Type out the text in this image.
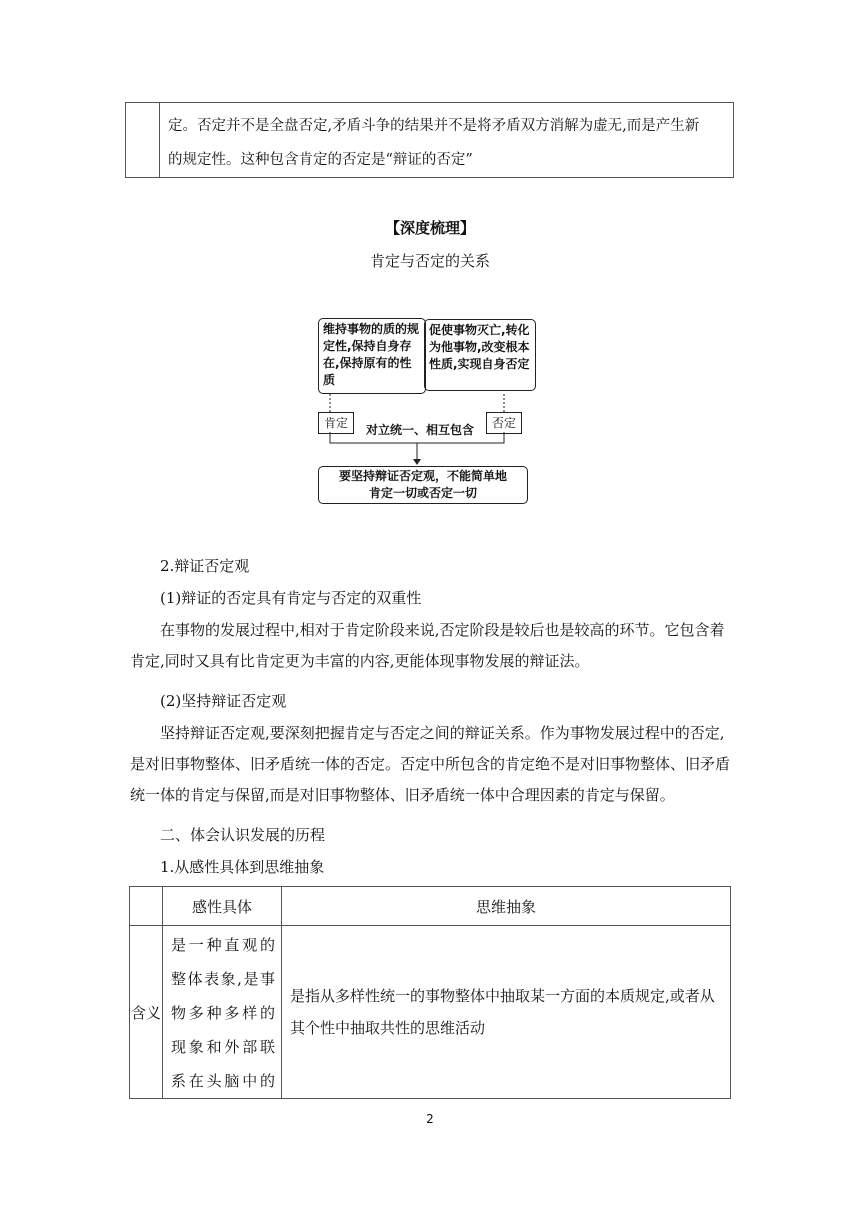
定。否定并不是全盘否定,矛盾斗争的结果并不是将矛盾双方消解为虚无,而是产生新
的规定性。这种包含肯定的否定是“辩证的否定”
【深度梳理】
肯定与否定的关系
维持事物的质的规定性,保持自身存在,保持原有的性质
促使事物灭亡,转化为他事物,改变根本性质,实现自身否定
肯定	否定
对立统一、相互包含
要坚持辩证否定观，不能简单地肯定一切或否定一切
2.辩证否定观
(1)辩证的否定具有肯定与否定的双重性
在事物的发展过程中,相对于肯定阶段来说,否定阶段是较后也是较高的环节。它包含着肯定,同时又具有比肯定更为丰富的内容,更能体现事物发展的辩证法。
(2)坚持辩证否定观
坚持辩证否定观,要深刻把握肯定与否定之间的辩证关系。作为事物发展过程中的否定,是对旧事物整体、旧矛盾统一体的否定。否定中所包含的肯定绝不是对旧事物整体、旧矛盾统一体的肯定与保留,而是对旧事物整体、旧矛盾统一体中合理因素的肯定与保留。
二、体会认识发展的历程
1.从感性具体到思维抽象
	感性具体	思维抽象
含义	是一种直观的
整体表象,是事
物多种多样的
现象和外部联
系在头脑中的	是指从多样性统一的事物整体中抽取某一方面的本质规定,或者从其个性中抽取共性的思维活动
2
